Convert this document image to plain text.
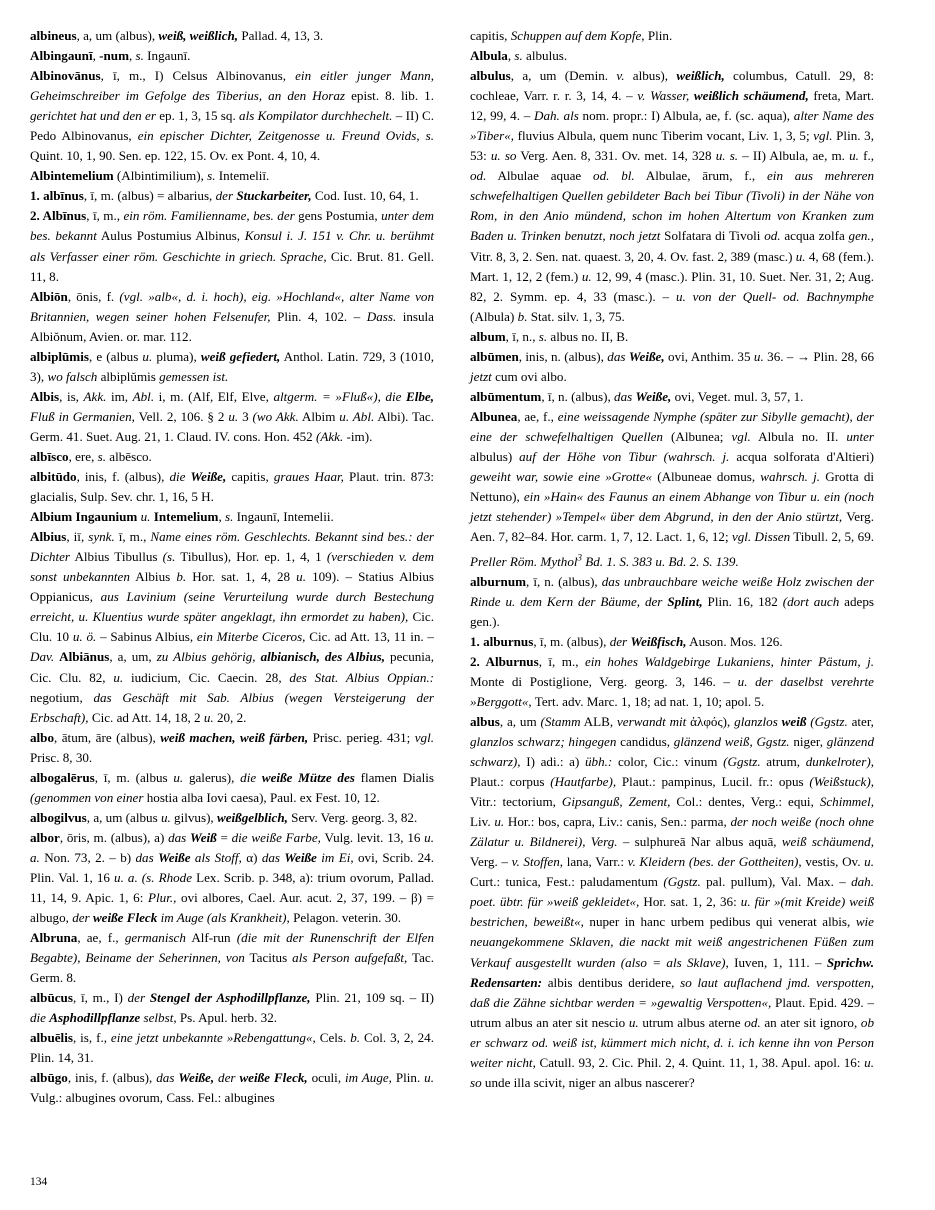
albineus, a, um (albus), weiß, weißlich, Pallad. 4, 13, 3.

Albingaunī, -num, s. Ingaunī.

Albinovānus, ī, m., I) Celsus Albinovanus, ein eitler junger Mann, Geheimschreiber im Gefolge des Tiberius, an den Horaz epist. 8. lib. 1. gerichtet hat und den er ep. 1, 3, 15 sq. als Kompilator durchhechelt. – II) C. Pedo Albinovanus, ein epischer Dichter, Zeitgenosse u. Freund Ovids, s. Quint. 10, 1, 90. Sen. ep. 122, 15. Ov. ex Pont. 4, 10, 4.

Albintemelium (Albintimilium), s. Intemeliī.

1. albīnus, ī, m. (albus) = albarius, der Stuckarbeiter, Cod. Iust. 10, 64, 1.

2. Albīnus, ī, m., ein röm. Familienname, bes. der gens Postumia, unter dem bes. bekannt Aulus Postumius Albinus, Konsul i. J. 151 v. Chr. u. berühmt als Verfasser einer röm. Geschichte in griech. Sprache, Cic. Brut. 81. Gell. 11, 8.

Albiōn, ōnis, f. (vgl. »alb«, d. i. hoch), eig. »Hochland«, alter Name von Britannien, wegen seiner hohen Felsenufer, Plin. 4, 102. – Dass. insula Albiŏnum, Avien. or. mar. 112.

albiplūmis, e (albus u. pluma), weiß gefiedert, Anthol. Latin. 729, 3 (1010, 3), wo falsch albiplŭmis gemessen ist.

Albis, is, Akk. im, Abl. i, m. (Alf, Elf, Elve, altgerm. = »Fluß«), die Elbe, Fluß in Germanien, Vell. 2, 106. § 2 u. 3 (wo Akk. Albim u. Abl. Albi). Tac. Germ. 41. Suet. Aug. 21, 1. Claud. IV. cons. Hon. 452 (Akk. -im).

albīsco, ere, s. albēsco.

albitūdo, inis, f. (albus), die Weiße, capitis, graues Haar, Plaut. trin. 873: glacialis, Sulp. Sev. chr. 1, 16, 5 H.

Albium Ingaunium u. Intemelium, s. Ingaunī, Intemelii.

Albius, iī, synk. ī, m., Name eines röm. Geschlechts. Bekannt sind bes.: der Dichter Albius Tibullus (s. Tibullus), Hor. ep. 1, 4, 1 (verschieden v. dem sonst unbekannten Albius b. Hor. sat. 1, 4, 28 u. 109). – Statius Albius Oppianicus, aus Lavinium (seine Verurteilung wurde durch Bestechung erreicht, u. Kluentius wurde später angeklagt, ihn ermordet zu haben), Cic. Clu. 10 u. ö. – Sabinus Albius, ein Miterbe Ciceros, Cic. ad Att. 13, 11 in. – Dav. Albiānus, a, um, zu Albius gehörig, albianisch, des Albius, pecunia, Cic. Clu. 82, u. iudicium, Cic. Caecin. 28, des Stat. Albius Oppian.: negotium, das Geschäft mit Sab. Albius (wegen Versteigerung der Erbschaft), Cic. ad Att. 14, 18, 2 u. 20, 2.

albo, ātum, āre (albus), weiß machen, weiß färben, Prisc. perieg. 431; vgl. Prisc. 8, 30.

albogalērus, ī, m. (albus u. galerus), die weiße Mütze des flamen Dialis (genommen von einer hostia alba Iovi caesa), Paul. ex Fest. 10, 12.

albogilvus, a, um (albus u. gilvus), weißgelblich, Serv. Verg. georg. 3, 82.

albor, ōris, m. (albus), a) das Weiß = die weiße Farbe, Vulg. levit. 13, 16 u. a. Non. 73, 2. – b) das Weiße als Stoff, α) das Weiße im Ei, ovi, Scrib. 24. Plin. Val. 1, 16 u. a. (s. Rhode Lex. Scrib. p. 348, a): trium ovorum, Pallad. 11, 14, 9. Apic. 1, 6: Plur., ovi albores, Cael. Aur. acut. 2, 37, 199. – β) = albugo, der weiße Fleck im Auge (als Krankheit), Pelagon. veterin. 30.

Albruna, ae, f., germanisch Alf-run (die mit der Runenschrift der Elfen Begabte), Beiname der Seherinnen, von Tacitus als Person aufgefaßt, Tac. Germ. 8.

albūcus, ī, m., I) der Stengel der Asphodillpflanze, Plin. 21, 109 sq. – II) die Asphodillpflanze selbst, Ps. Apul. herb. 32.

albuēlis, is, f., eine jetzt unbekannte »Rebengattung«, Cels. b. Col. 3, 2, 24. Plin. 14, 31.

albūgo, inis, f. (albus), das Weiße, der weiße Fleck, oculi, im Auge, Plin. u. Vulg.: albugines ovorum, Cass. Fel.: albugines

capitis, Schuppen auf dem Kopfe, Plin.

Albula, s. albulus.

albulus, a, um (Demin. v. albus), weißlich, columbus, Catull. 29, 8: cochleae, Varr. r. r. 3, 14, 4. – v. Wasser, weißlich schäumend, freta, Mart. 12, 99, 4. – Dah. als nom. propr.: I) Albula, ae, f. (sc. aqua), alter Name des »Tiber«, fluvius Albula, quem nunc Tiberim vocant, Liv. 1, 3, 5; vgl. Plin. 3, 53: u. so Verg. Aen. 8, 331. Ov. met. 14, 328 u. s. – II) Albula, ae, m. u. f., od. Albulae aquae od. bl. Albulae, ārum, f., ein aus mehreren schwefelhaltigen Quellen gebildeter Bach bei Tibur (Tivoli) in der Nähe von Rom, in den Anio mündend, schon im hohen Altertum von Kranken zum Baden u. Trinken benutzt, noch jetzt Solfatara di Tivoli od. acqua zolfa gen., Vitr. 8, 3, 2. Sen. nat. quaest. 3, 20, 4. Ov. fast. 2, 389 (masc.) u. 4, 68 (fem.). Mart. 1, 12, 2 (fem.) u. 12, 99, 4 (masc.). Plin. 31, 10. Suet. Ner. 31, 2; Aug. 82, 2. Symm. ep. 4, 33 (masc.). – u. von der Quell- od. Bachnymphe (Albula) b. Stat. silv. 1, 3, 75.

album, ī, n., s. albus no. II, B.

albūmen, inis, n. (albus), das Weiße, ovi, Anthim. 35 u. 36. – → Plin. 28, 66 jetzt cum ovi albo.

albūmentum, ī, n. (albus), das Weiße, ovi, Veget. mul. 3, 57, 1.

Albunea, ae, f., eine weissagende Nymphe (später zur Sibylle gemacht), der eine der schwefelhaltigen Quellen (Albunea; vgl. Albula no. II. unter albulus) auf der Höhe von Tibur (wahrsch. j. acqua solforata d'Altieri) geweiht war, sowie eine »Grotte« (Albuneae domus, wahrsch. j. Grotta di Nettuno), ein »Hain« des Faunus an einem Abhange von Tibur u. ein (noch jetzt stehender) »Tempel« über dem Abgrund, in den der Anio stürtzt, Verg. Aen. 7, 82–84. Hor. carm. 1, 7, 12. Lact. 1, 6, 12; vgl. Dissen Tibull. 2, 5, 69. Preller Röm. Mythol$^3$ Bd. 1. S. 383 u. Bd. 2. S. 139.

alburnum, ī, n. (albus), das unbrauchbare weiche weiße Holz zwischen der Rinde u. dem Kern der Bäume, der Splint, Plin. 16, 182 (dort auch adeps gen.).

1. alburnus, ī, m. (albus), der Weißfisch, Auson. Mos. 126.

2. Alburnus, ī, m., ein hohes Waldgebirge Lukaniens, hinter Pästum, j. Monte di Postiglione, Verg. georg. 3, 146. – u. der daselbst verehrte »Berggott«, Tert. adv. Marc. 1, 18; ad nat. 1, 10; apol. 5.

albus, a, um (Stamm ALB, verwandt mit ἀλφός), glanzlos weiß (Ggstz. ater, glanzlos schwarz; hingegen candidus, glänzend weiß, Ggstz. niger, glänzend schwarz), I) adi.: a) übh.: color, Cic.: vinum (Ggstz. atrum, dunkelroter), Plaut.: corpus (Hautfarbe), Plaut.: pampinus, Lucil. fr.: opus (Weißstuck), Vitr.: tectorium, Gipsanguß, Zement, Col.: dentes, Verg.: equi, Schimmel, Liv. u. Hor.: bos, capra, Liv.: canis, Sen.: parma, der noch weiße (noch ohne Zälatur u. Bildnerei), Verg. – sulphureā Nar albus aquā, weiß schäumend, Verg. – v. Stoffen, lana, Varr.: v. Kleidern (bes. der Gottheiten), vestis, Ov. u. Curt.: tunica, Fest.: paludamentum (Ggstz. pal. pullum), Val. Max. – dah. poet. übtr. für »weiß gekleidet«, Hor. sat. 1, 2, 36: u. für »(mit Kreide) weiß bestrichen, beweißt«, nuper in hanc urbem pedibus qui venerat albis, wie neuangekommene Sklaven, die nackt mit weiß angestrichenen Füßen zum Verkauf ausgestellt wurden (also = als Sklave), Iuven, 1, 111. – Sprichw. Redensarten: albis dentibus deridere, so laut auflachend jmd. verspotten, daß die Zähne sichtbar werden = »gewaltig Verspotten«, Plaut. Epid. 429. – utrum albus an ater sit nescio u. utrum albus aterne od. an ater sit ignoro, ob er schwarz od. weiß ist, kümmert mich nicht, d. i. ich kenne ihn von Person weiter nicht, Catull. 93, 2. Cic. Phil. 2, 4. Quint. 11, 1, 38. Apul. apol. 16: u. so unde illa scivit, niger an albus nascerer?

134
